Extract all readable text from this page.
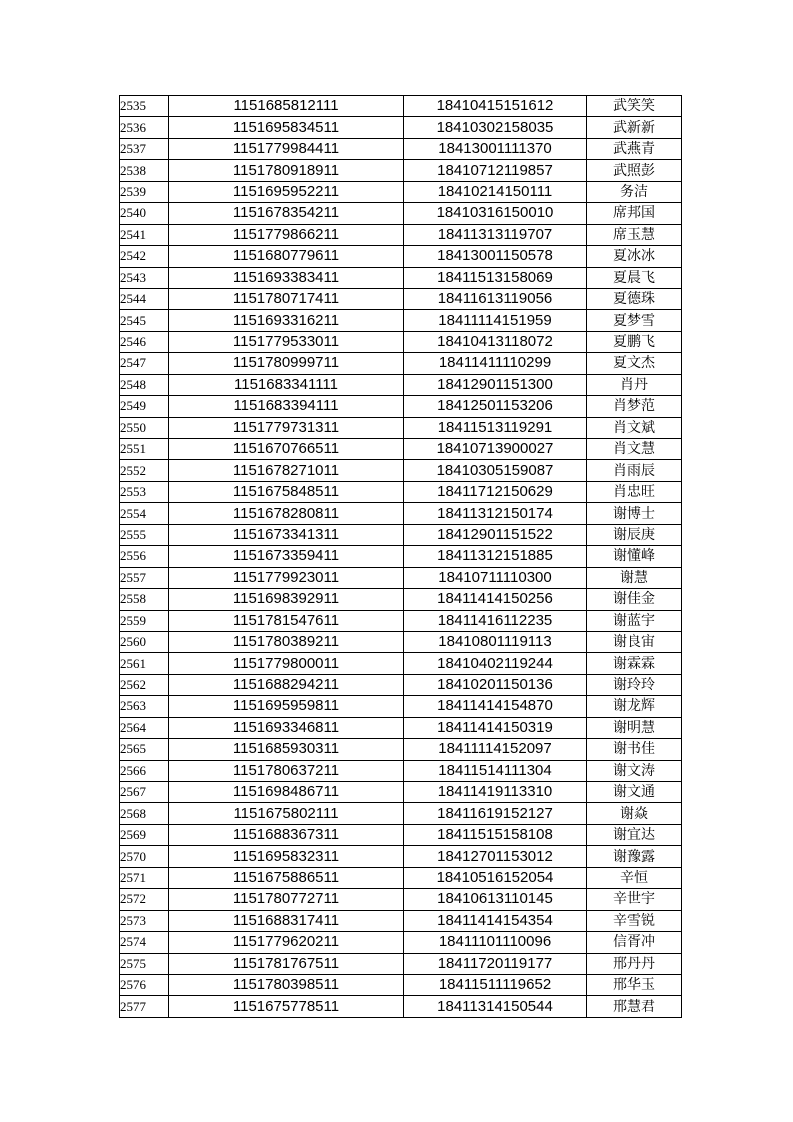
2535	1151685812111	18410415151612	武笑笑
2536	1151695834511	18410302158035	武新新
2537	1151779984411	18413001111370	武燕青
2538	1151780918911	18410712119857	武照彭
2539	1151695952211	18410214150111	务洁
2540	1151678354211	18410316150010	席邦国
2541	1151779866211	18411313119707	席玉慧
2542	1151680779611	18413001150578	夏冰冰
2543	1151693383411	18411513158069	夏晨飞
2544	1151780717411	18411613119056	夏德珠
2545	1151693316211	18411114151959	夏梦雪
2546	1151779533011	18410413118072	夏鹏飞
2547	1151780999711	18411411110299	夏文杰
2548	1151683341111	18412901151300	肖丹
2549	1151683394111	18412501153206	肖梦范
2550	1151779731311	18411513119291	肖文斌
2551	1151670766511	18410713900027	肖文慧
2552	1151678271011	18410305159087	肖雨辰
2553	1151675848511	18411712150629	肖忠旺
2554	1151678280811	18411312150174	谢博士
2555	1151673341311	18412901151522	谢辰庚
2556	1151673359411	18411312151885	谢懂峰
2557	1151779923011	18410711110300	谢慧
2558	1151698392911	18411414150256	谢佳金
2559	1151781547611	18411416112235	谢蓝宇
2560	1151780389211	18410801119113	谢良宙
2561	1151779800011	18410402119244	谢霖霖
2562	1151688294211	18410201150136	谢玲玲
2563	1151695959811	18411414154870	谢龙辉
2564	1151693346811	18411414150319	谢明慧
2565	1151685930311	18411114152097	谢书佳
2566	1151780637211	18411514111304	谢文涛
2567	1151698486711	18411419113310	谢文通
2568	1151675802111	18411619152127	谢焱
2569	1151688367311	18411515158108	谢宜达
2570	1151695832311	18412701153012	谢豫露
2571	1151675886511	18410516152054	辛恒
2572	1151780772711	18410613110145	辛世宇
2573	1151688317411	18411414154354	辛雪锐
2574	1151779620211	18411101110096	信胥冲
2575	1151781767511	18411720119177	邢丹丹
2576	1151780398511	18411511119652	邢华玉
2577	1151675778511	18411314150544	邢慧君
